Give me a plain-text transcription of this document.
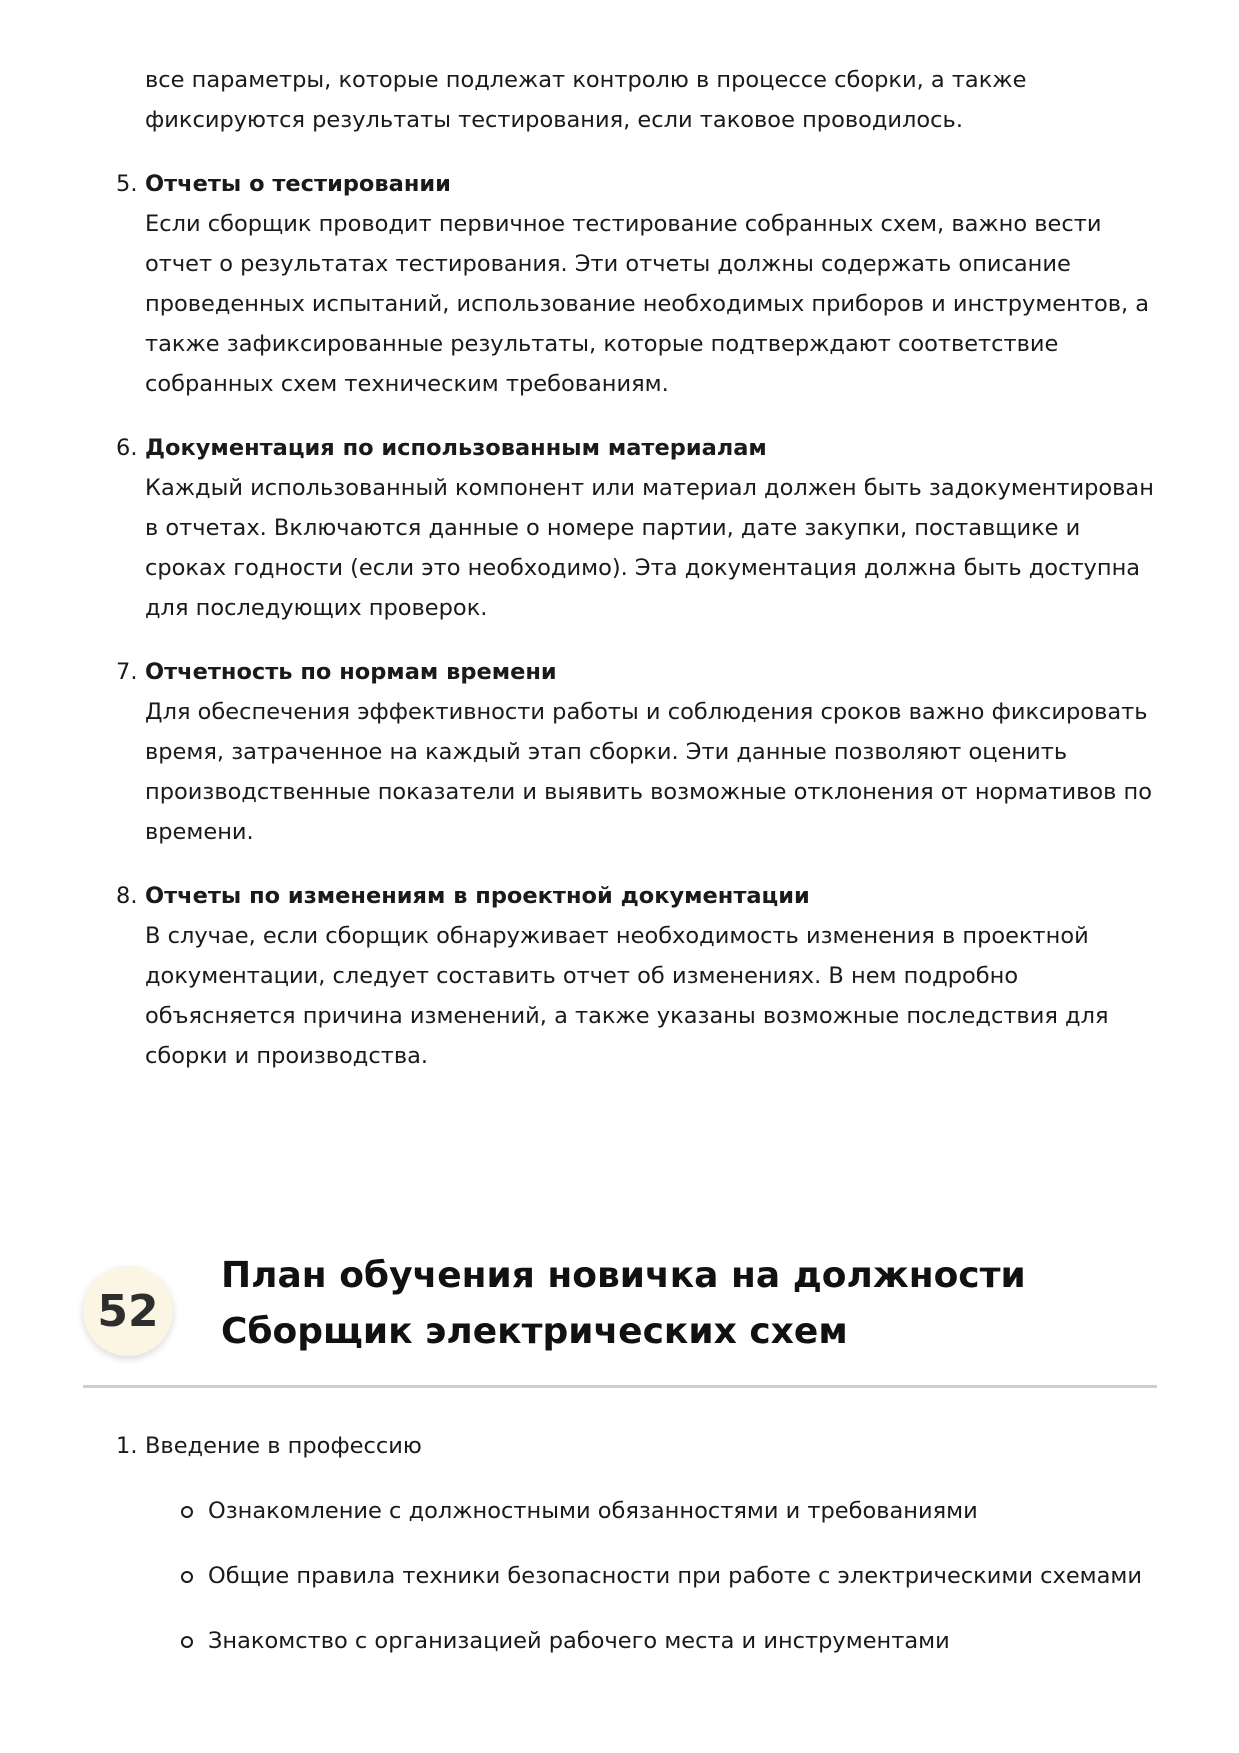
все параметры, которые подлежат контролю в процессе сборки, а также фиксируются результаты тестирования, если таковое проводилось.

5. Отчеты о тестировании
Если сборщик проводит первичное тестирование собранных схем, важно вести отчет о результатах тестирования. Эти отчеты должны содержать описание проведенных испытаний, использование необходимых приборов и инструментов, а также зафиксированные результаты, которые подтверждают соответствие собранных схем техническим требованиям.
6. Документация по использованным материалам
Каждый использованный компонент или материал должен быть задокументирован в отчетах. Включаются данные о номере партии, дате закупки, поставщике и сроках годности (если это необходимо). Эта документация должна быть доступна для последующих проверок.
7. Отчетность по нормам времени
Для обеспечения эффективности работы и соблюдения сроков важно фиксировать время, затраченное на каждый этап сборки. Эти данные позволяют оценить производственные показатели и выявить возможные отклонения от нормативов по времени.
8. Отчеты по изменениям в проектной документации
В случае, если сборщик обнаруживает необходимость изменения в проектной документации, следует составить отчет об изменениях. В нем подробно объясняется причина изменений, а также указаны возможные последствия для сборки и производства.
52
План обучения новичка на должности Сборщик электрических схем
1. Введение в профессию
Ознакомление с должностными обязанностями и требованиями
Общие правила техники безопасности при работе с электрическими схемами
Знакомство с организацией рабочего места и инструментами
